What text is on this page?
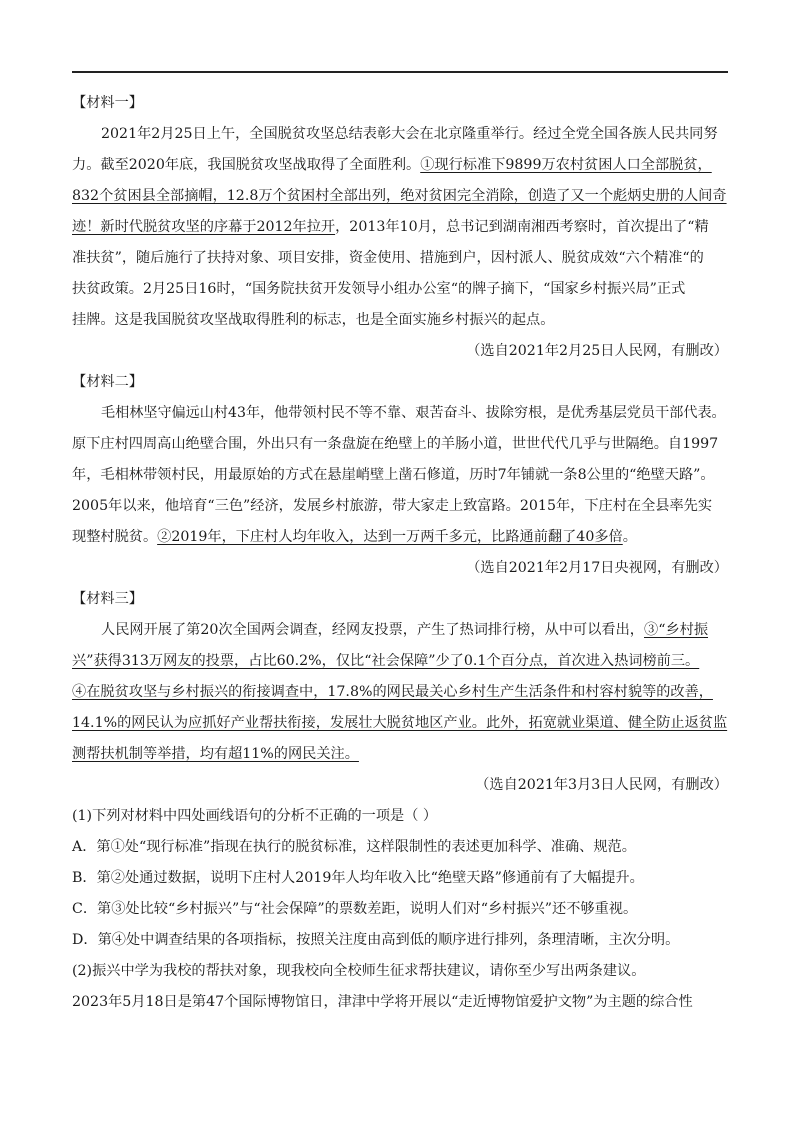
【材料一】
2021年2月25日上午，全国脱贫攻坚总结表彰大会在北京隆重举行。经过全党全国各族人民共同努
力。截至2020年底，我国脱贫攻坚战取得了全面胜利。①现行标准下9899万农村贫困人口全部脱贫，
832个贫困县全部摘帽，12.8万个贫困村全部出列，绝对贫困完全消除，创造了又一个彪炳史册的人间奇
迹！新时代脱贫攻坚的序幕于2012年拉开，2013年10月，总书记到湖南湘西考察时，首次提出了“精
准扶贫”，随后施行了扶持对象、项目安排，资金使用、措施到户，因村派人、脱贫成效“六个精准“的
扶贫政策。2月25日16时，“国务院扶贫开发领导小组办公室“的牌子摘下，“国家乡村振兴局”正式
挂牌。这是我国脱贫攻坚战取得胜利的标志，也是全面实施乡村振兴的起点。
（选自2021年2月25日人民网，有删改）
【材料二】
毛相林坚守偏远山村43年，他带领村民不等不靠、艰苦奋斗、拔除穷根，是优秀基层党员干部代表。
原下庄村四周高山绝壁合围，外出只有一条盘旋在绝壁上的羊肠小道，世世代代几乎与世隔绝。自1997
年，毛相林带领村民，用最原始的方式在悬崖峭壁上凿石修道，历时7年铺就一条8公里的“绝壁天路”。
2005年以来，他培育“三色”经济，发展乡村旅游，带大家走上致富路。2015年，下庄村在全县率先实
现整村脱贫。②2019年，下庄村人均年收入，达到一万两千多元，比路通前翻了40多倍。
（选自2021年2月17日央视网，有删改）
【材料三】
人民网开展了第20次全国两会调查，经网友投票，产生了热词排行榜，从中可以看出，③“乡村振
兴”获得313万网友的投票，占比60.2%，仅比“社会保障”少了0.1个百分点，首次进入热词榜前三。
④在脱贫攻坚与乡村振兴的衔接调查中，17.8%的网民最关心乡村生产生活条件和村容村貌等的改善，
14.1%的网民认为应抓好产业帮扶衔接，发展壮大脱贫地区产业。此外，拓宽就业渠道、健全防止返贫监
测帮扶机制等举措，均有超11%的网民关注。
（选自2021年3月3日人民网，有删改）
(1)下列对材料中四处画线语句的分析不正确的一项是（ ）
A．第①处“现行标准”指现在执行的脱贫标准，这样限制性的表述更加科学、准确、规范。
B．第②处通过数据，说明下庄村人2019年人均年收入比“绝壁天路”修通前有了大幅提升。
C．第③处比较“乡村振兴”与“社会保障”的票数差距，说明人们对“乡村振兴”还不够重视。
D．第④处中调查结果的各项指标，按照关注度由高到低的顺序进行排列，条理清晰，主次分明。
(2)振兴中学为我校的帮扶对象，现我校向全校师生征求帮扶建议，请你至少写出两条建议。
2023年5月18日是第47个国际博物馆日，津津中学将开展以“走近博物馆爱护文物”为主题的综合性
